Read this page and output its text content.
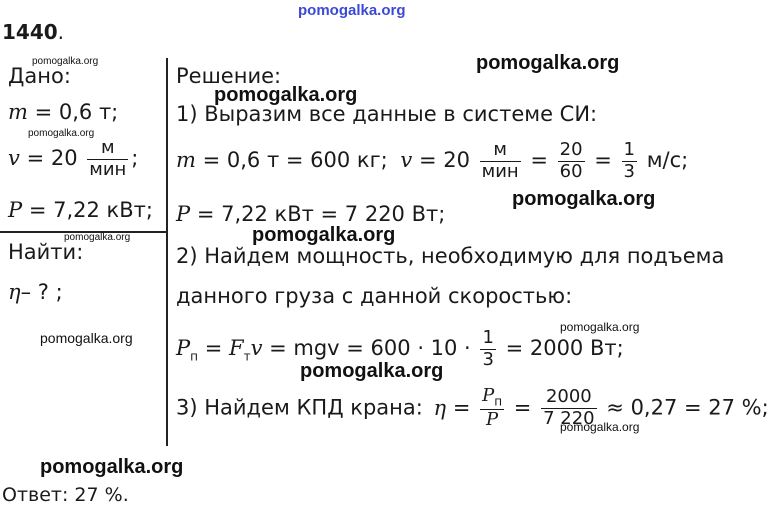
pomogalka.org
1440.
Дано:
m = 0,6 т;
$v = 20 \frac{м}{\text{мин}}$ ;
P = 7,22 кВт;
Найти:
η– ? ;
Решение:
1) Выразим все данные в системе СИ:
m = 0,6 т = 600 кг; $v = 20 \frac{м}{\text{мин}} = \frac{20}{60} = \frac{1}{3} м/с$;
P = 7,22 кВт = 7 220 Вт;
2) Найдем мощность, необходимую для подъема
данного груза с данной скоростью:
$P_п = F_тv$ = mgv = $600 \cdot 10 \cdot \frac{1}{3} = 2000$ Вт;
3) Найдем КПД крана: $\eta = \frac{P_п}{P} = \frac{2000}{7 220} \approx 0,27 = 27$ %;
Ответ: 27 %.
pomogalka.org
pomogalka.org
pomogalka.org
pomogalka.org
pomogalka.org
pomogalka.org
pomogalka.org
pomogalka.org
pomogalka.org
pomogalka.org
pomogalka.org
pomogalka.org
